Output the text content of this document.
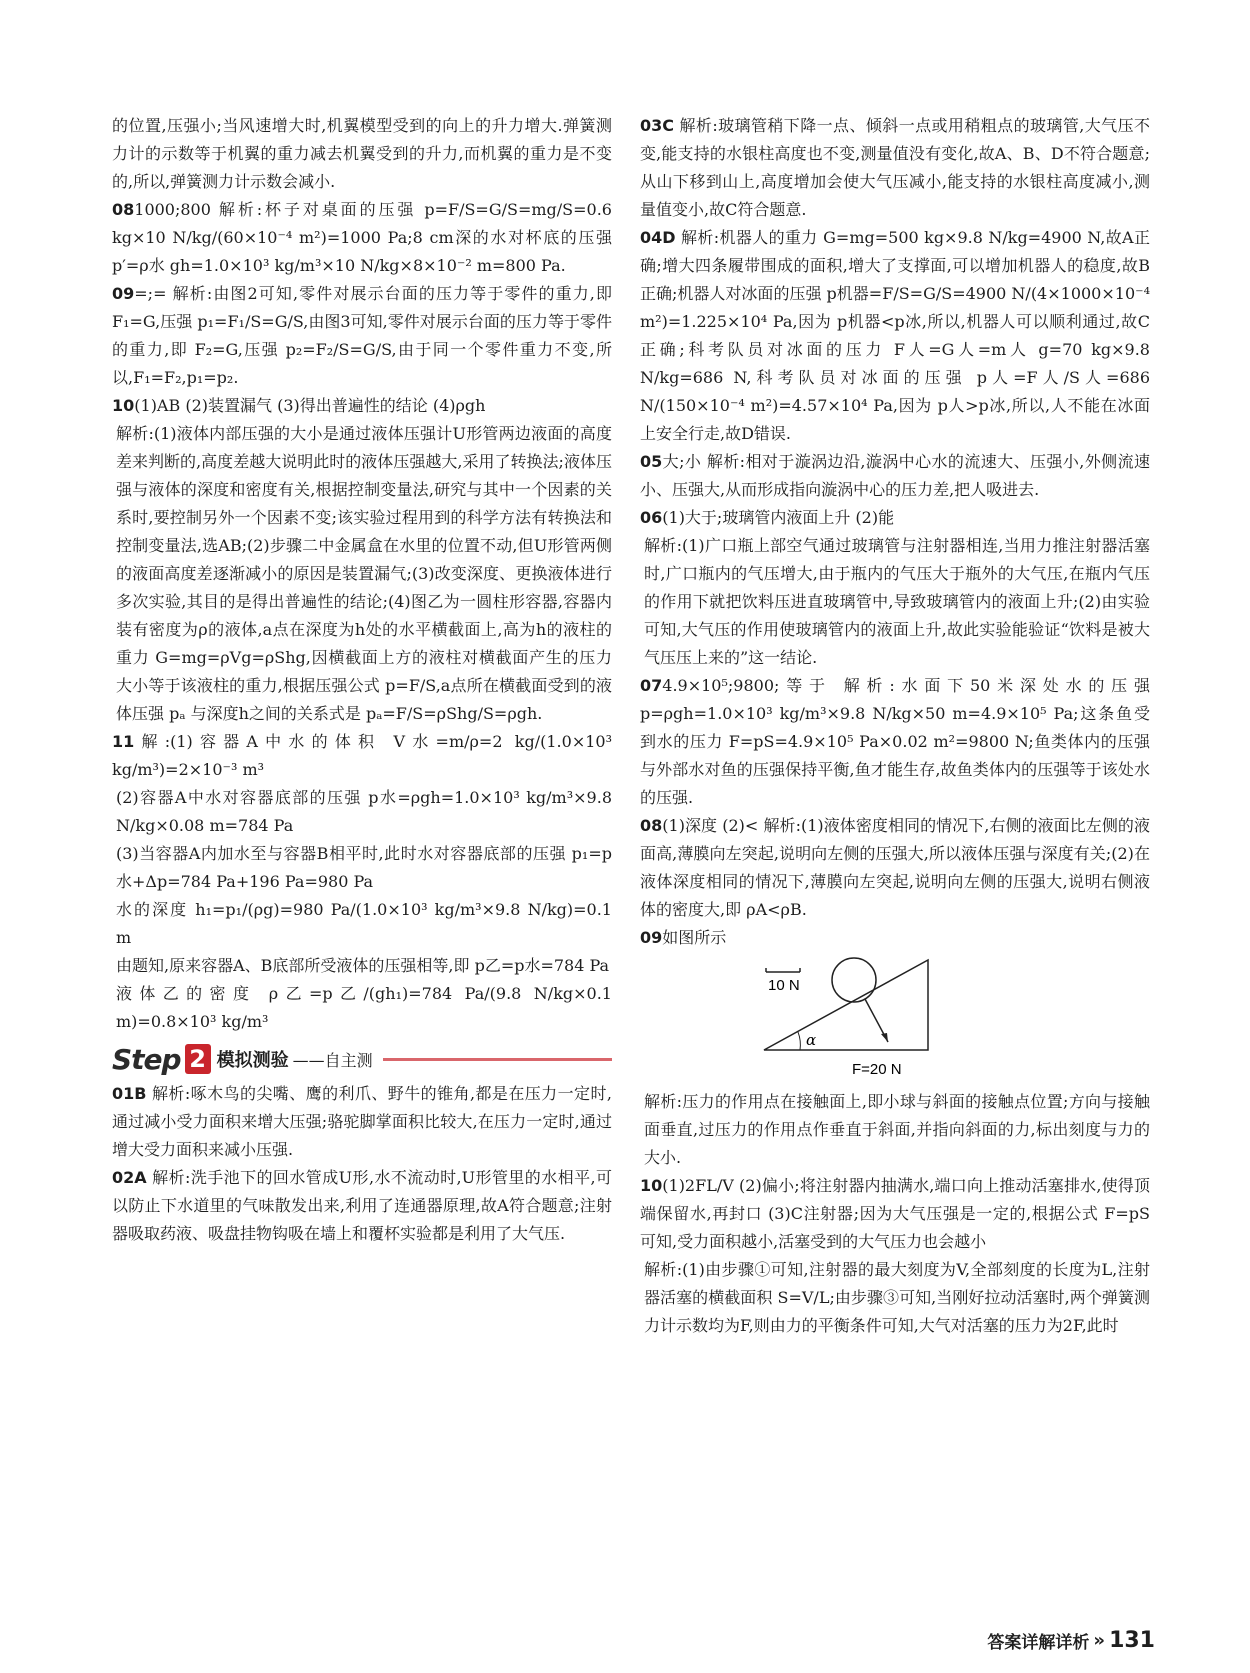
的位置,压强小;当风速增大时,机翼模型受到的向上的升力增大.弹簧测力计的示数等于机翼的重力减去机翼受到的升力,而机翼的重力是不变的,所以,弹簧测力计示数会减小.

081000;800 解析:杯子对桌面的压强 p=F/S=G/S=mg/S=0.6 kg×10 N/kg/(60×10⁻⁴ m²)=1000 Pa;8 cm深的水对杯底的压强 p′=ρ水 gh=1.0×10³ kg/m³×10 N/kg×8×10⁻² m=800 Pa.
09=;= 解析:由图2可知,零件对展示台面的压力等于零件的重力,即 F₁=G,压强 p₁=F₁/S=G/S,由图3可知,零件对展示台面的压力等于零件的重力,即 F₂=G,压强 p₂=F₂/S=G/S,由于同一个零件重力不变,所以,F₁=F₂,p₁=p₂.
10(1)AB (2)装置漏气 (3)得出普遍性的结论 (4)ρgh

解析:(1)液体内部压强的大小是通过液体压强计U形管两边液面的高度差来判断的,高度差越大说明此时的液体压强越大,采用了转换法;液体压强与液体的深度和密度有关,根据控制变量法,研究与其中一个因素的关系时,要控制另外一个因素不变;该实验过程用到的科学方法有转换法和控制变量法,选AB;(2)步骤二中金属盒在水里的位置不动,但U形管两侧的液面高度差逐渐减小的原因是装置漏气;(3)改变深度、更换液体进行多次实验,其目的是得出普遍性的结论;(4)图乙为一圆柱形容器,容器内装有密度为ρ的液体,a点在深度为h处的水平横截面上,高为h的液柱的重力 G=mg=ρVg=ρShg,因横截面上方的液柱对横截面产生的压力大小等于该液柱的重力,根据压强公式 p=F/S,a点所在横截面受到的液体压强 pₐ 与深度h之间的关系式是 pₐ=F/S=ρShg/S=ρgh.

11解:(1)容器A中水的体积 V水=m/ρ=2 kg/(1.0×10³ kg/m³)=2×10⁻³ m³

(2)容器A中水对容器底部的压强 p水=ρgh=1.0×10³ kg/m³×9.8 N/kg×0.08 m=784 Pa

(3)当容器A内加水至与容器B相平时,此时水对容器底部的压强 p₁=p水+Δp=784 Pa+196 Pa=980 Pa

水的深度 h₁=p₁/(ρg)=980 Pa/(1.0×10³ kg/m³×9.8 N/kg)=0.1 m

由题知,原来容器A、B底部所受液体的压强相等,即 p乙=p水=784 Pa

液体乙的密度 ρ乙=p乙/(gh₁)=784 Pa/(9.8 N/kg×0.1 m)=0.8×10³ kg/m³

Step 2 模拟测验 ——自主测
01B 解析:啄木鸟的尖嘴、鹰的利爪、野牛的锥角,都是在压力一定时,通过减小受力面积来增大压强;骆驼脚掌面积比较大,在压力一定时,通过增大受力面积来减小压强.
02A 解析:洗手池下的回水管成U形,水不流动时,U形管里的水相平,可以防止下水道里的气味散发出来,利用了连通器原理,故A符合题意;注射器吸取药液、吸盘挂物钩吸在墙上和覆杯实验都是利用了大气压.
03C 解析:玻璃管稍下降一点、倾斜一点或用稍粗点的玻璃管,大气压不变,能支持的水银柱高度也不变,测量值没有变化,故A、B、D不符合题意;从山下移到山上,高度增加会使大气压减小,能支持的水银柱高度减小,测量值变小,故C符合题意.
04D 解析:机器人的重力 G=mg=500 kg×9.8 N/kg=4900 N,故A正确;增大四条履带围成的面积,增大了支撑面,可以增加机器人的稳度,故B正确;机器人对冰面的压强 p机器=F/S=G/S=4900 N/(4×1000×10⁻⁴ m²)=1.225×10⁴ Pa,因为 p机器<p冰,所以,机器人可以顺利通过,故C正确;科考队员对冰面的压力 F人=G人=m人 g=70 kg×9.8 N/kg=686 N,科考队员对冰面的压强 p人=F人/S人=686 N/(150×10⁻⁴ m²)=4.57×10⁴ Pa,因为 p人>p冰,所以,人不能在冰面上安全行走,故D错误.
05大;小 解析:相对于漩涡边沿,漩涡中心水的流速大、压强小,外侧流速小、压强大,从而形成指向漩涡中心的压力差,把人吸进去.
06(1)大于;玻璃管内液面上升 (2)能

解析:(1)广口瓶上部空气通过玻璃管与注射器相连,当用力推注射器活塞时,广口瓶内的气压增大,由于瓶内的气压大于瓶外的大气压,在瓶内气压的作用下就把饮料压进直玻璃管中,导致玻璃管内的液面上升;(2)由实验可知,大气压的作用使玻璃管内的液面上升,故此实验能验证“饮料是被大气压压上来的”这一结论.

074.9×10⁵;9800;等于 解析:水面下50米深处水的压强 p=ρgh=1.0×10³ kg/m³×9.8 N/kg×50 m=4.9×10⁵ Pa;这条鱼受到水的压力 F=pS=4.9×10⁵ Pa×0.02 m²=9800 N;鱼类体内的压强与外部水对鱼的压强保持平衡,鱼才能生存,故鱼类体内的压强等于该处水的压强.
08(1)深度 (2)< 解析:(1)液体密度相同的情况下,右侧的液面比左侧的液面高,薄膜向左突起,说明向左侧的压强大,所以液体压强与深度有关;(2)在液体深度相同的情况下,薄膜向左突起,说明向左侧的压强大,说明右侧液体的密度大,即 ρA<ρB.
09如图所示
10 N
α
F=20 N

解析:压力的作用点在接触面上,即小球与斜面的接触点位置;方向与接触面垂直,过压力的作用点作垂直于斜面,并指向斜面的力,标出刻度与力的大小.

10(1)2FL/V (2)偏小;将注射器内抽满水,端口向上推动活塞排水,使得顶端保留水,再封口 (3)C注射器;因为大气压强是一定的,根据公式 F=pS 可知,受力面积越小,活塞受到的大气压力也会越小

解析:(1)由步骤①可知,注射器的最大刻度为V,全部刻度的长度为L,注射器活塞的横截面积 S=V/L;由步骤③可知,当刚好拉动活塞时,两个弹簧测力计示数均为F,则由力的平衡条件可知,大气对活塞的压力为2F,此时

答案详解详析 » 131
